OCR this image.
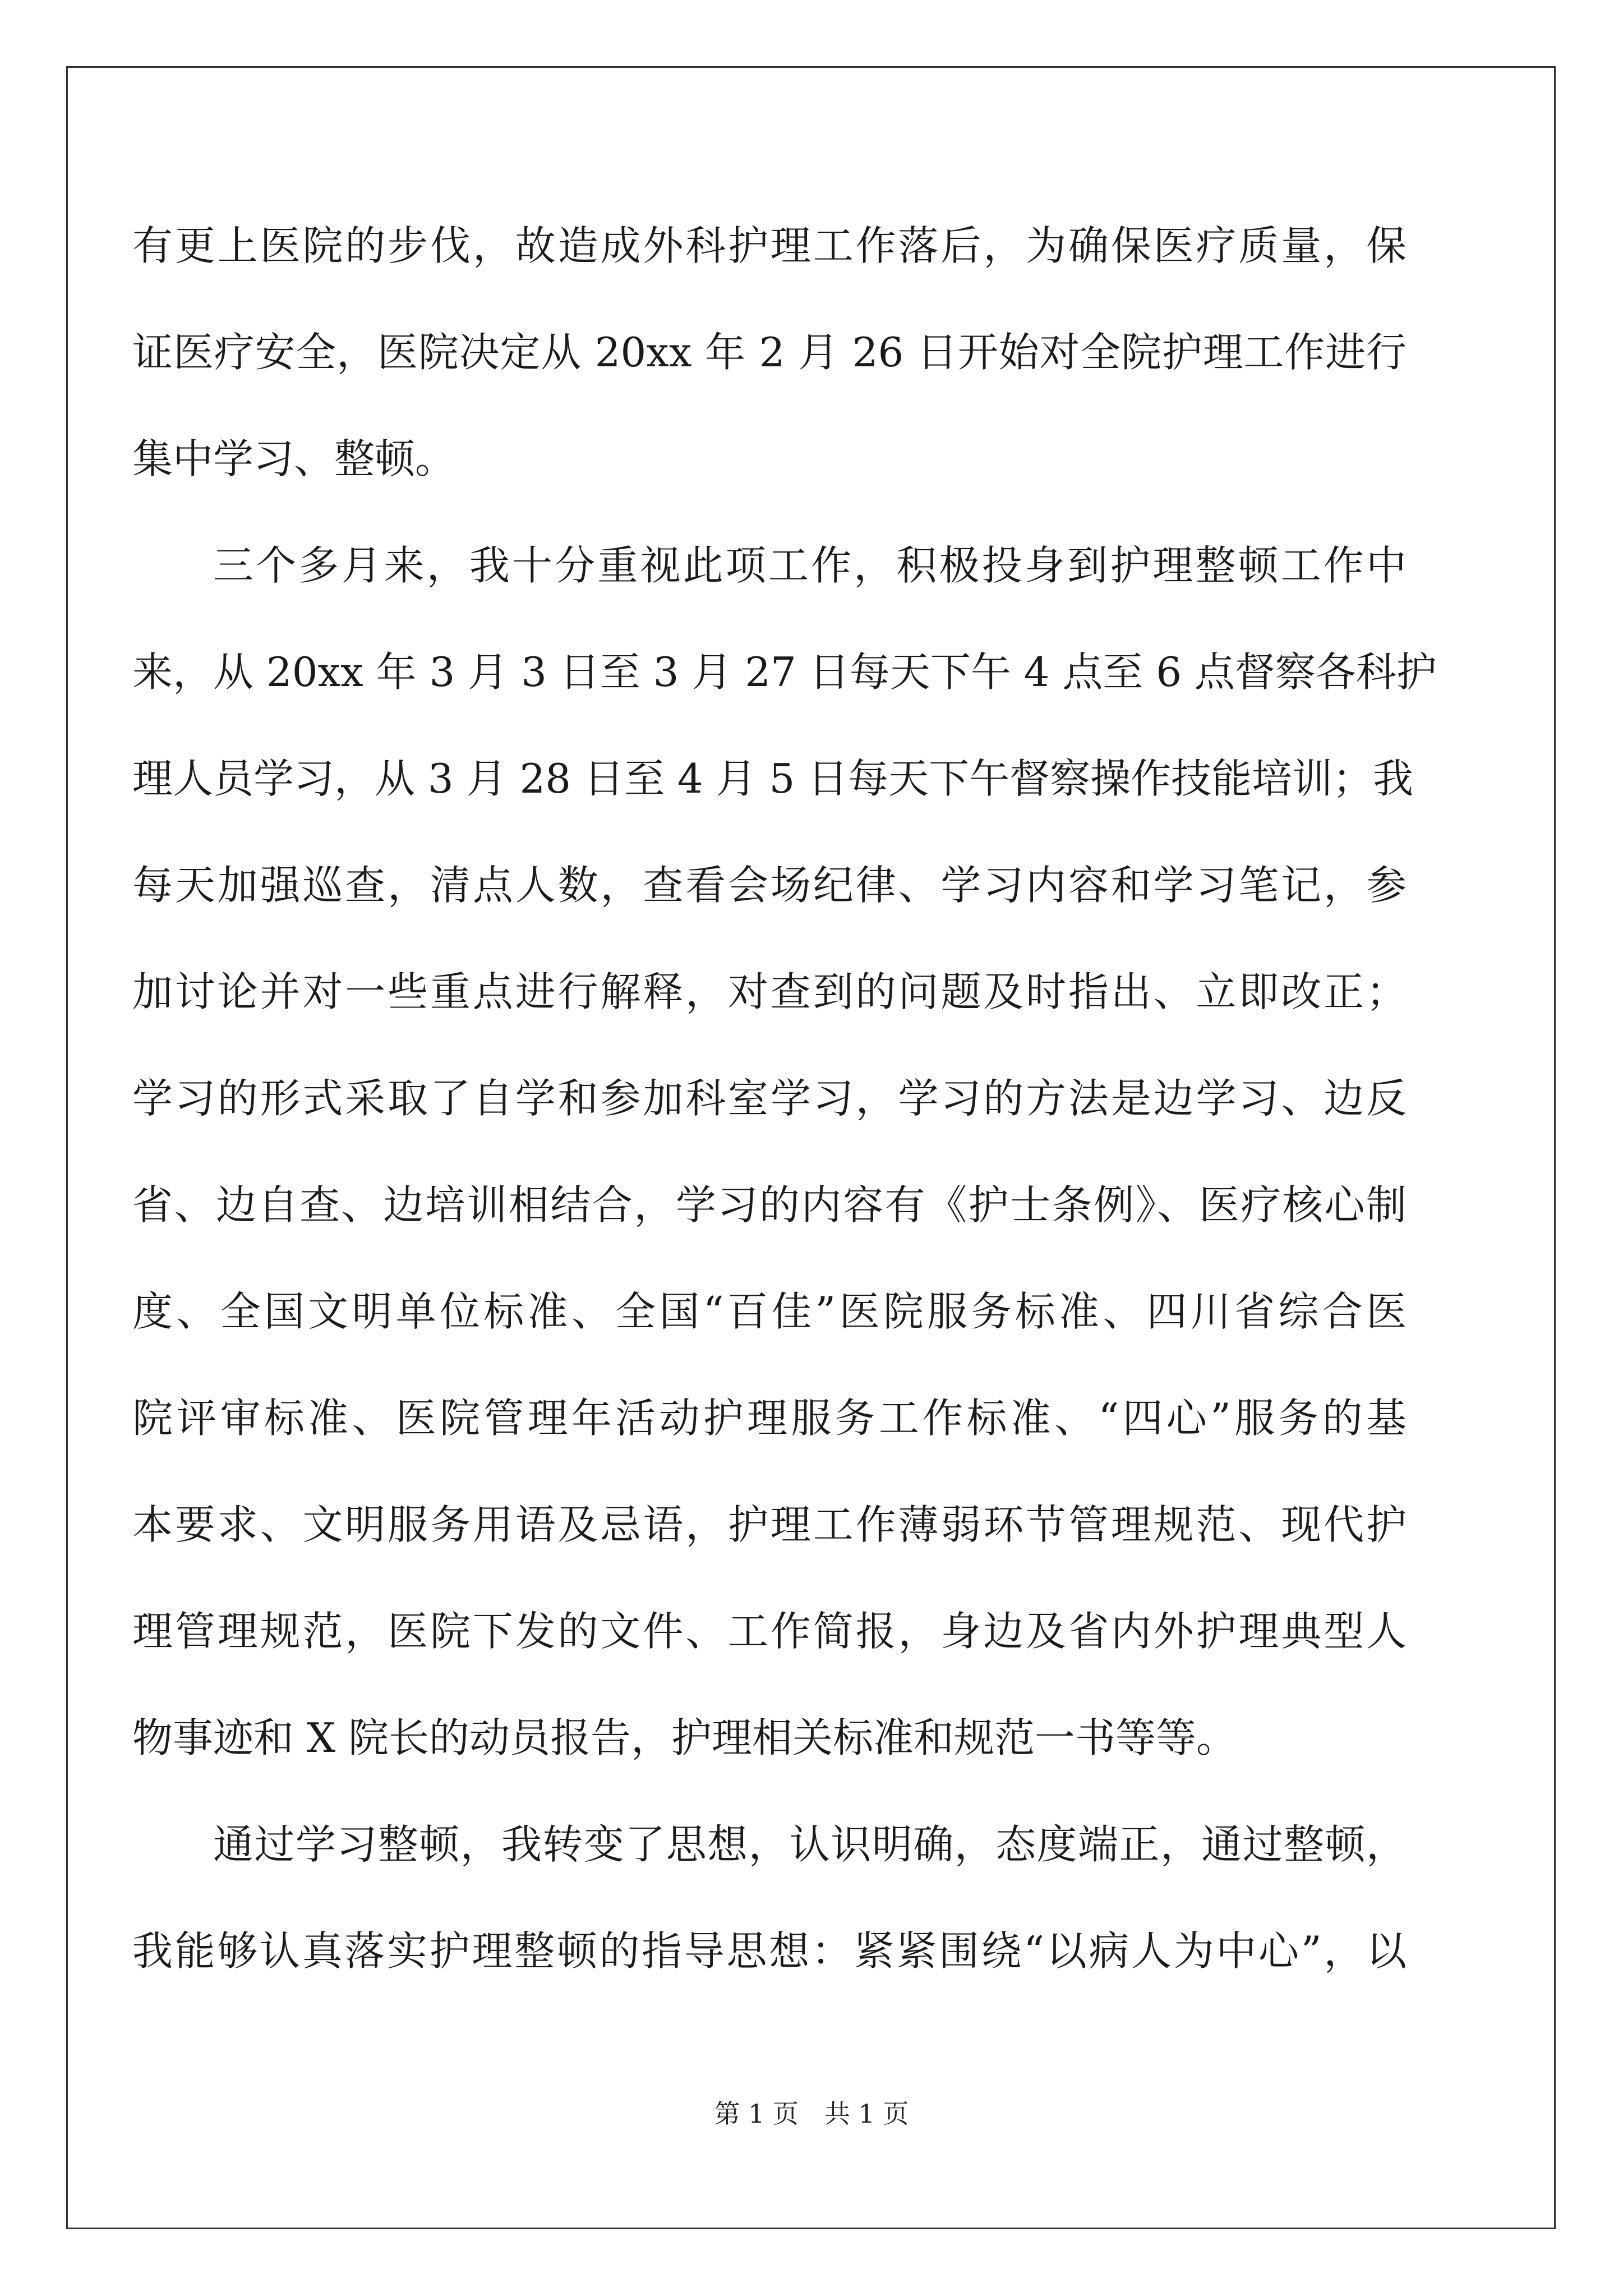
有更上医院的步伐，故造成外科护理工作落后，为确保医疗质量，保
证医疗安全，医院决定从 20xx 年 2 月 26 日开始对全院护理工作进行
集中学习、整顿。
三个多月来，我十分重视此项工作，积极投身到护理整顿工作中
来，从 20xx 年 3 月 3 日至 3 月 27 日每天下午 4 点至 6 点督察各科护
理人员学习，从 3 月 28 日至 4 月 5 日每天下午督察操作技能培训；我
每天加强巡查，清点人数，查看会场纪律、学习内容和学习笔记，参
加讨论并对一些重点进行解释，对查到的问题及时指出、立即改正；
学习的形式采取了自学和参加科室学习，学习的方法是边学习、边反
省、边自查、边培训相结合，学习的内容有《护士条例》、医疗核心制
度、全国文明单位标准、全国“百佳”医院服务标准、四川省综合医
院评审标准、医院管理年活动护理服务工作标准、“四心”服务的基
本要求、文明服务用语及忌语，护理工作薄弱环节管理规范、现代护
理管理规范，医院下发的文件、工作简报，身边及省内外护理典型人
物事迹和 X 院长的动员报告，护理相关标准和规范一书等等。
通过学习整顿，我转变了思想，认识明确，态度端正，通过整顿，
我能够认真落实护理整顿的指导思想：紧紧围绕“以病人为中心”，以
第 1 页　共 1 页
